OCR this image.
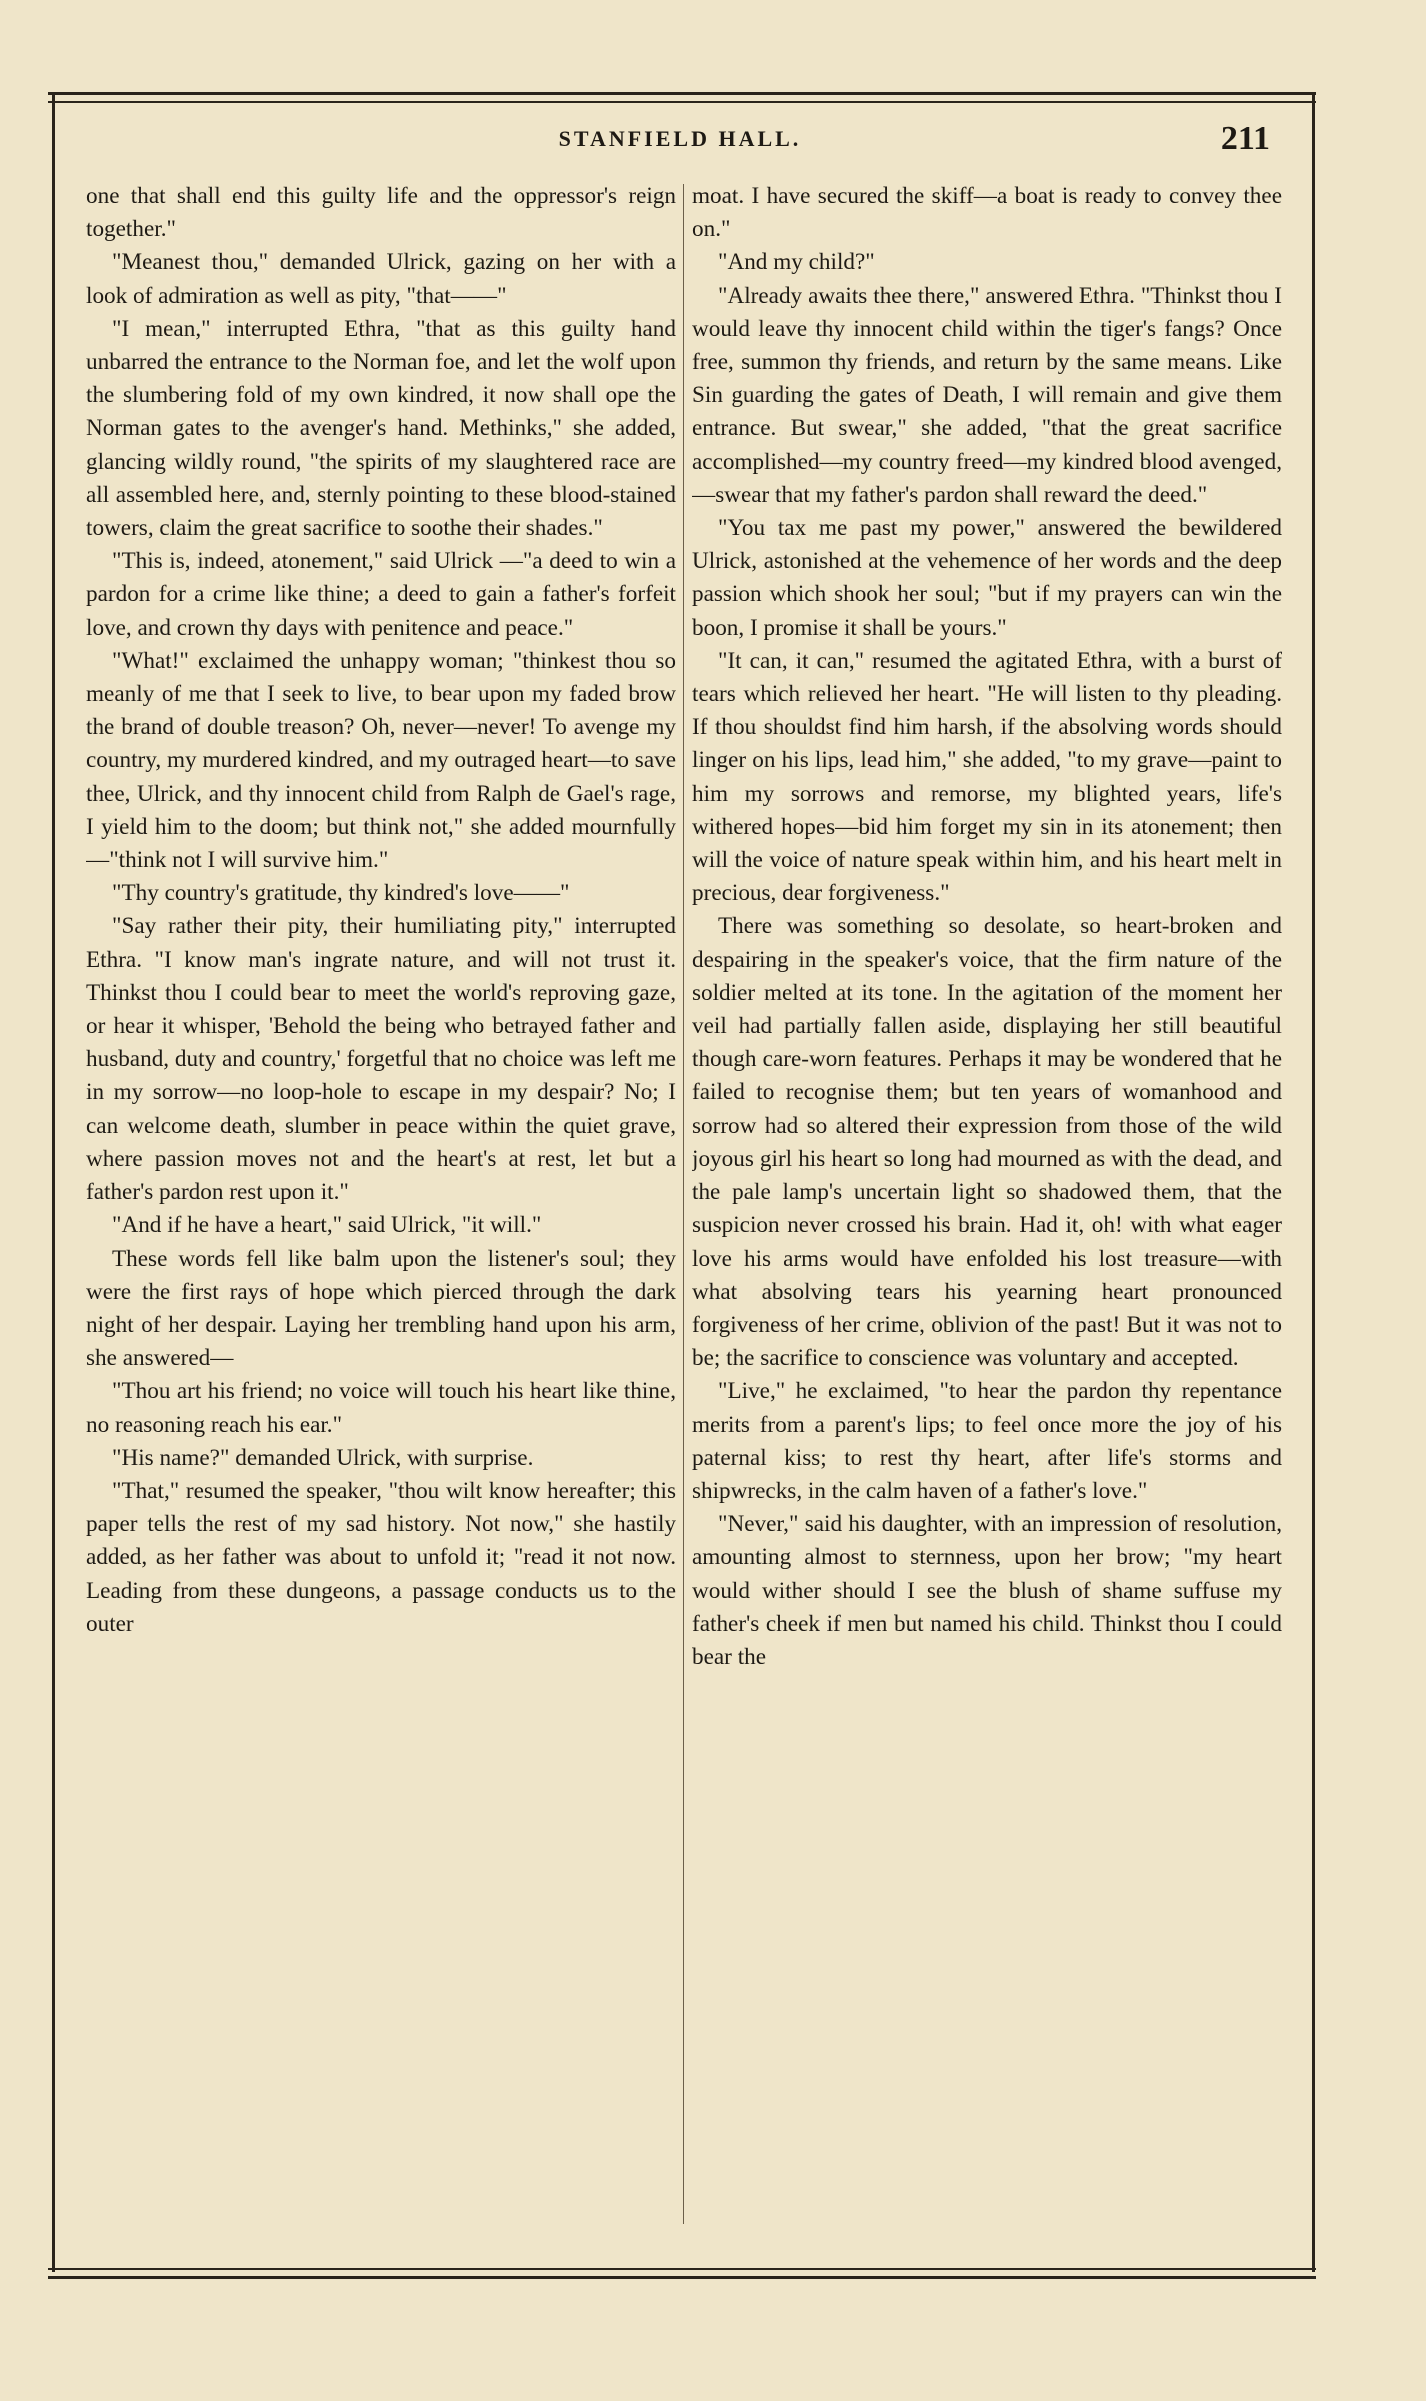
STANFIELD HALL.	211

one that shall end this guilty life and the oppressor's reign together."

"Meanest thou," demanded Ulrick, gazing on her with a look of admiration as well as pity, "that——"

"I mean," interrupted Ethra, "that as this guilty hand unbarred the entrance to the Norman foe, and let the wolf upon the slumbering fold of my own kindred, it now shall ope the Norman gates to the avenger's hand. Methinks," she added, glancing wildly round, "the spirits of my slaughtered race are all assembled here, and, sternly pointing to these blood-stained towers, claim the great sacrifice to soothe their shades."

"This is, indeed, atonement," said Ulrick —"a deed to win a pardon for a crime like thine; a deed to gain a father's forfeit love, and crown thy days with penitence and peace."

"What!" exclaimed the unhappy woman; "thinkest thou so meanly of me that I seek to live, to bear upon my faded brow the brand of double treason? Oh, never—never! To avenge my country, my murdered kindred, and my outraged heart—to save thee, Ulrick, and thy innocent child from Ralph de Gael's rage, I yield him to the doom; but think not," she added mournfully—"think not I will survive him."

"Thy country's gratitude, thy kindred's love——"

"Say rather their pity, their humiliating pity," interrupted Ethra. "I know man's ingrate nature, and will not trust it. Thinkst thou I could bear to meet the world's reproving gaze, or hear it whisper, 'Behold the being who betrayed father and husband, duty and country,' forgetful that no choice was left me in my sorrow—no loop-hole to escape in my despair? No; I can welcome death, slumber in peace within the quiet grave, where passion moves not and the heart's at rest, let but a father's pardon rest upon it."

"And if he have a heart," said Ulrick, "it will."

These words fell like balm upon the listener's soul; they were the first rays of hope which pierced through the dark night of her despair. Laying her trembling hand upon his arm, she answered—

"Thou art his friend; no voice will touch his heart like thine, no reasoning reach his ear."

"His name?" demanded Ulrick, with surprise.

"That," resumed the speaker, "thou wilt know hereafter; this paper tells the rest of my sad history. Not now," she hastily added, as her father was about to unfold it; "read it not now. Leading from these dungeons, a passage conducts us to the outer

moat. I have secured the skiff—a boat is ready to convey thee on."

"And my child?"

"Already awaits thee there," answered Ethra. "Thinkst thou I would leave thy innocent child within the tiger's fangs? Once free, summon thy friends, and return by the same means. Like Sin guarding the gates of Death, I will remain and give them entrance. But swear," she added, "that the great sacrifice accomplished—my country freed—my kindred blood avenged,—swear that my father's pardon shall reward the deed."

"You tax me past my power," answered the bewildered Ulrick, astonished at the vehemence of her words and the deep passion which shook her soul; "but if my prayers can win the boon, I promise it shall be yours."

"It can, it can," resumed the agitated Ethra, with a burst of tears which relieved her heart. "He will listen to thy pleading. If thou shouldst find him harsh, if the absolving words should linger on his lips, lead him," she added, "to my grave—paint to him my sorrows and remorse, my blighted years, life's withered hopes—bid him forget my sin in its atonement; then will the voice of nature speak within him, and his heart melt in precious, dear forgiveness."

There was something so desolate, so heart-broken and despairing in the speaker's voice, that the firm nature of the soldier melted at its tone. In the agitation of the moment her veil had partially fallen aside, displaying her still beautiful though care-worn features. Perhaps it may be wondered that he failed to recognise them; but ten years of womanhood and sorrow had so altered their expression from those of the wild joyous girl his heart so long had mourned as with the dead, and the pale lamp's uncertain light so shadowed them, that the suspicion never crossed his brain. Had it, oh! with what eager love his arms would have enfolded his lost treasure—with what absolving tears his yearning heart pronounced forgiveness of her crime, oblivion of the past! But it was not to be; the sacrifice to conscience was voluntary and accepted.

"Live," he exclaimed, "to hear the pardon thy repentance merits from a parent's lips; to feel once more the joy of his paternal kiss; to rest thy heart, after life's storms and shipwrecks, in the calm haven of a father's love."

"Never," said his daughter, with an impression of resolution, amounting almost to sternness, upon her brow; "my heart would wither should I see the blush of shame suffuse my father's cheek if men but named his child. Thinkst thou I could bear the
